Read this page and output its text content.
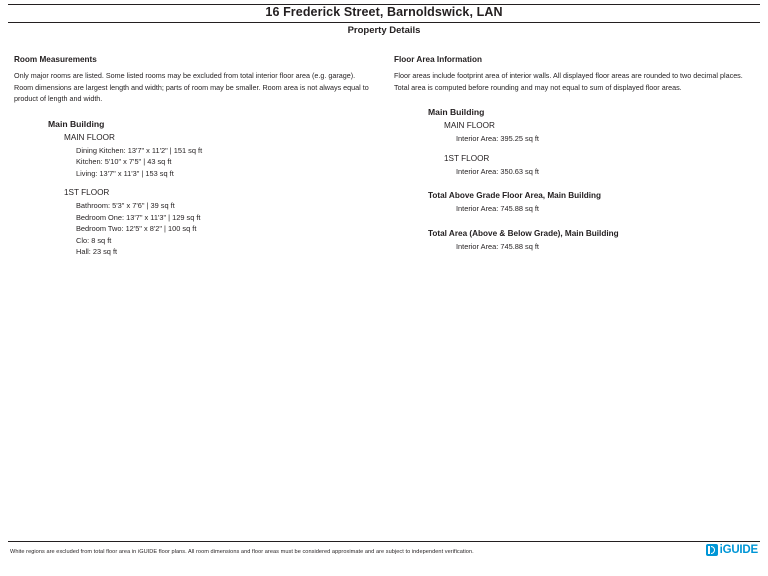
16 Frederick Street, Barnoldswick, LAN
Property Details
Room Measurements

Only major rooms are listed. Some listed rooms may be excluded from total interior floor area (e.g. garage). Room dimensions are largest length and width; parts of room may be smaller. Room area is not always equal to product of length and width.

Main Building
MAIN FLOOR
Dining Kitchen: 13'7" x 11'2" | 151 sq ft
Kitchen: 5'10" x 7'5" | 43 sq ft
Living: 13'7" x 11'3" | 153 sq ft
1ST FLOOR
Bathroom: 5'3" x 7'6" | 39 sq ft
Bedroom One: 13'7" x 11'3" | 129 sq ft
Bedroom Two: 12'5" x 8'2" | 100 sq ft
Clo: 8 sq ft
Hall: 23 sq ft
Floor Area Information

Floor areas include footprint area of interior walls. All displayed floor areas are rounded to two decimal places. Total area is computed before rounding and may not equal to sum of displayed floor areas.

Main Building
MAIN FLOOR
Interior Area: 395.25 sq ft
1ST FLOOR
Interior Area: 350.63 sq ft
Total Above Grade Floor Area, Main Building
Interior Area: 745.88 sq ft
Total Area (Above & Below Grade), Main Building
Interior Area: 745.88 sq ft
White regions are excluded from total floor area in iGUIDE floor plans. All room dimensions and floor areas must be considered approximate and are subject to independent verification.	iGUIDE
